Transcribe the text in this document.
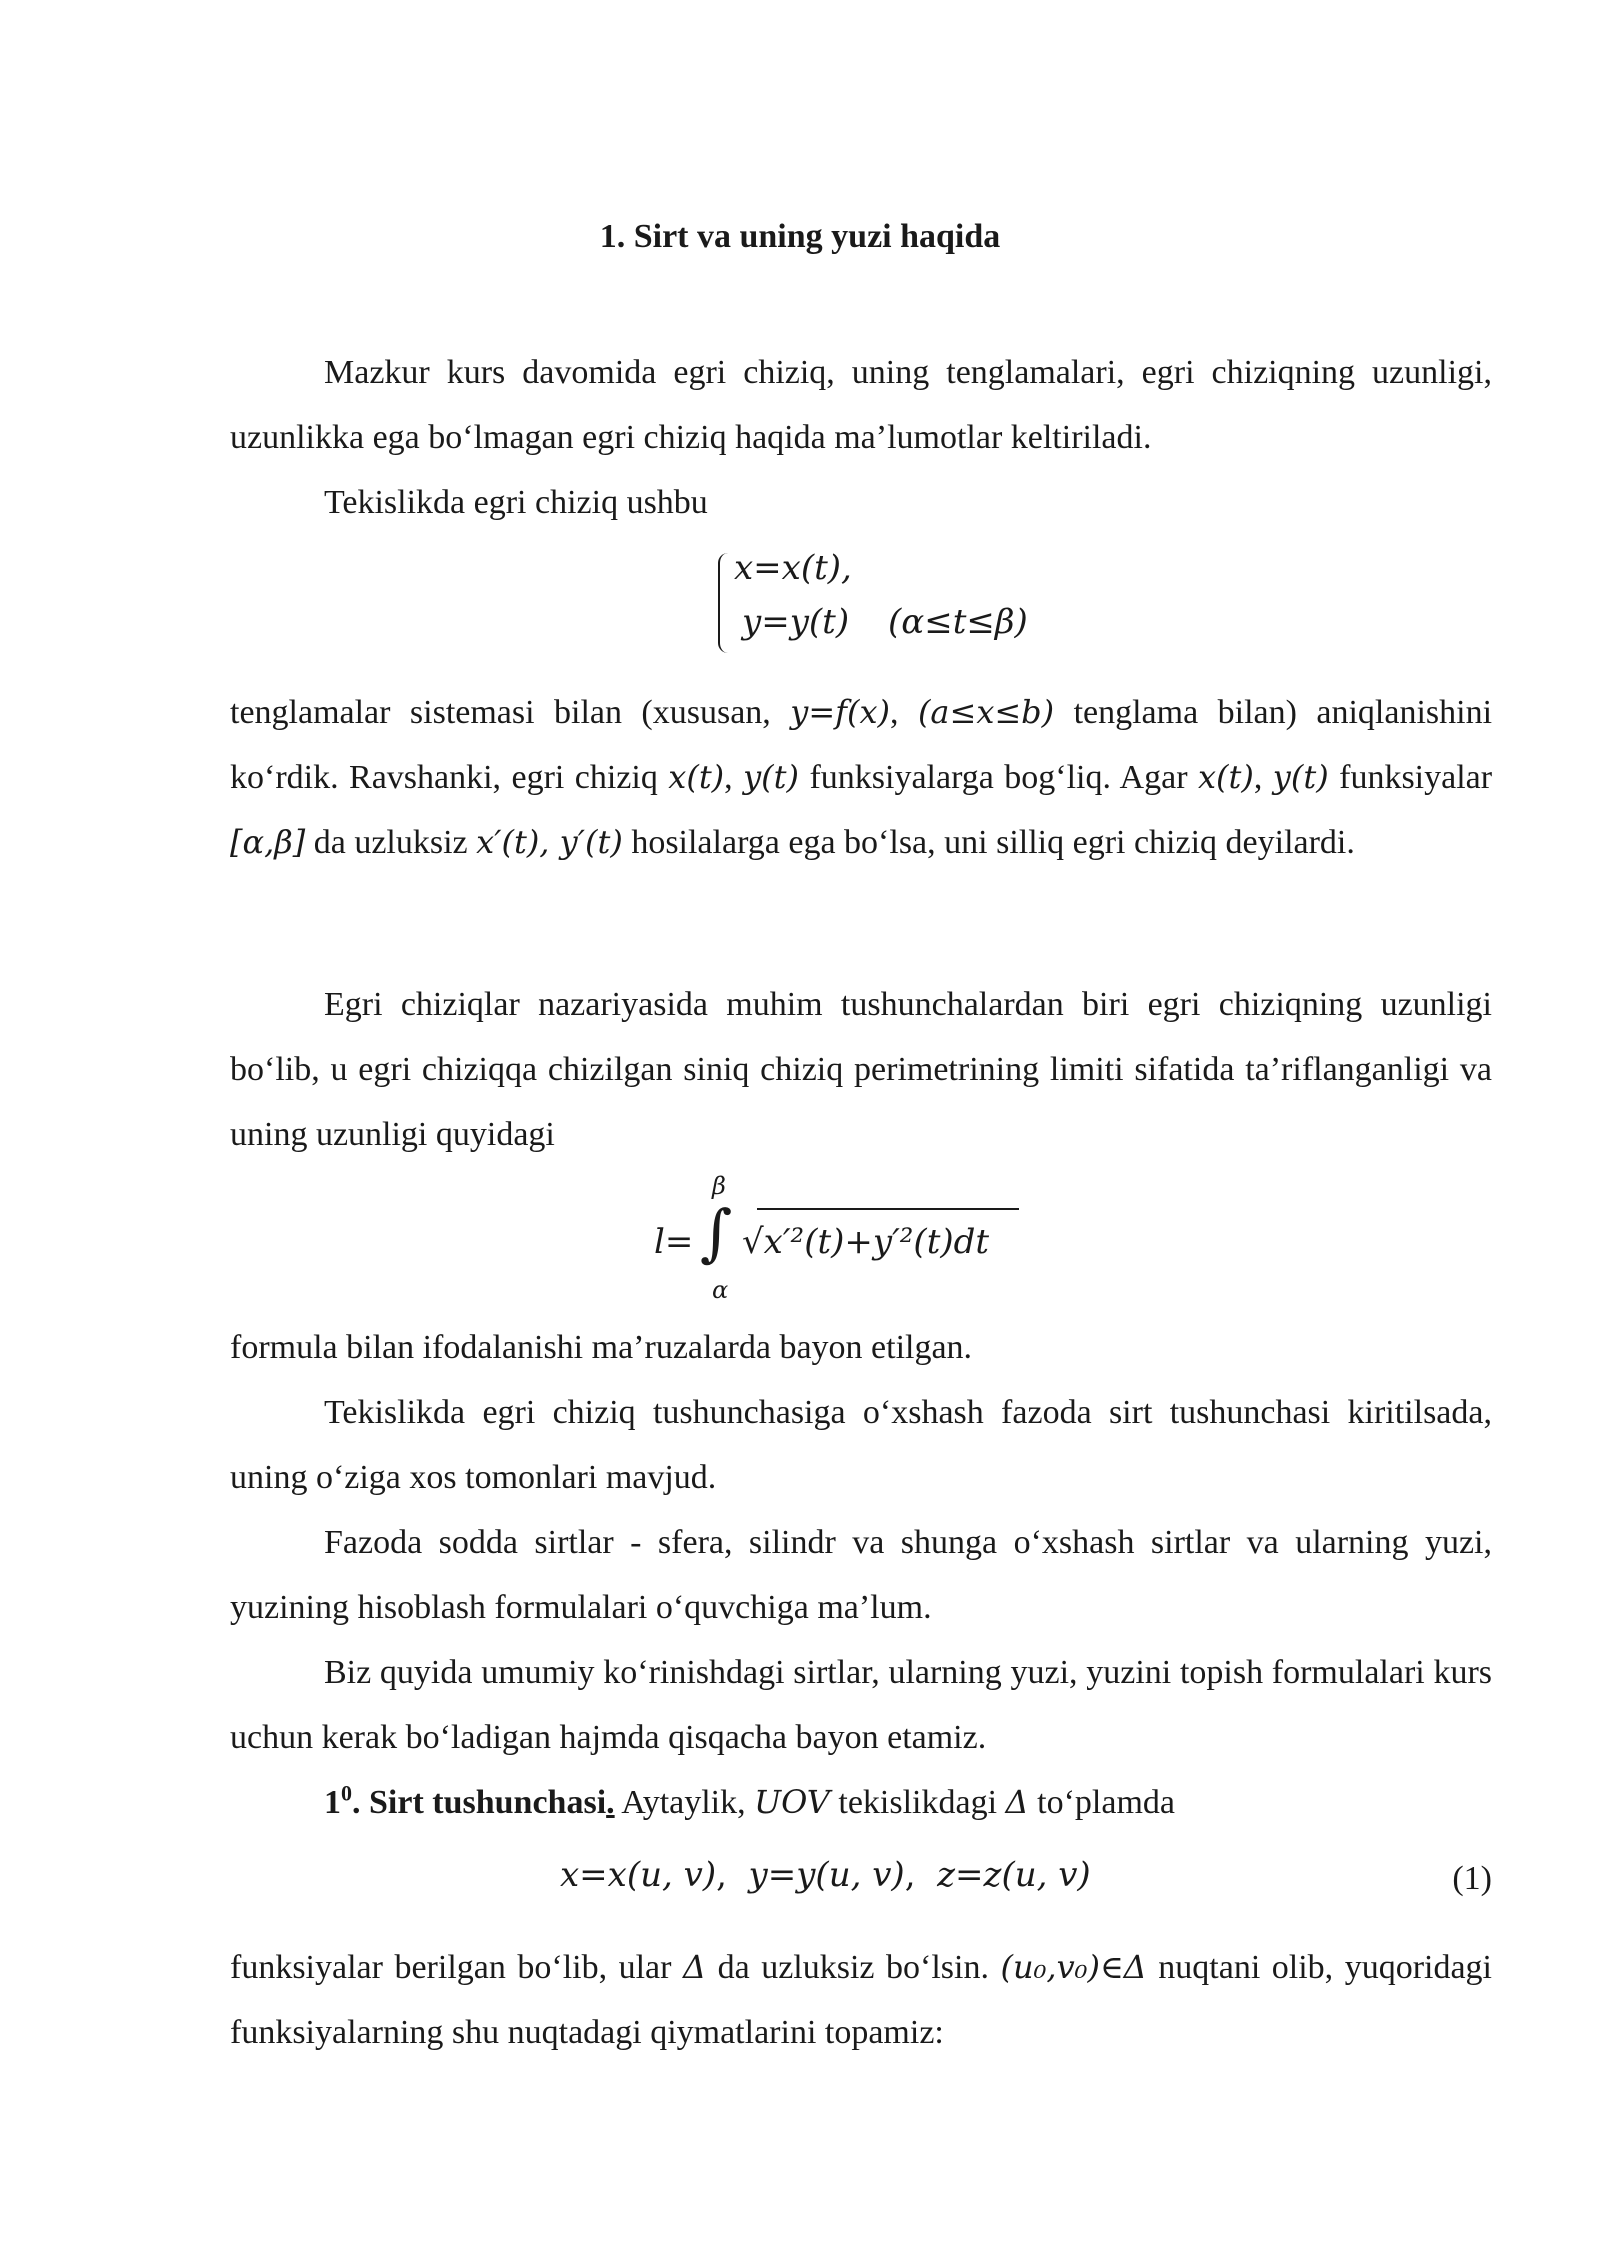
1. Sirt va uning yuzi haqida
Mazkur kurs davomida egri chiziq, uning tenglamalari, egri chiziqning uzunligi, uzunlikka ega bo‘lmagan egri chiziq haqida ma’lumotlar keltiriladi.
Tekislikda egri chiziq ushbu
x=x(t),
y=y(t) (α≤t≤β)
tenglamalar sistemasi bilan (xususan, y=f(x), (a≤x≤b) tenglama bilan) aniqlanishini ko‘rdik. Ravshanki, egri chiziq x(t), y(t) funksiyalarga bog‘liq. Agar x(t), y(t) funksiyalar [α,β] da uzluksiz x′(t), y′(t) hosilalarga ega bo‘lsa, uni silliq egri chiziq deyilardi.
Egri chiziqlar nazariyasida muhim tushunchalardan biri egri chiziqning uzunligi bo‘lib, u egri chiziqqa chizilgan siniq chiziq perimetrining limiti sifatida ta’riflanganligi va uning uzunligi quyidagi
β
l= ∫
α
√x′²(t)+y′²(t)dt
formula bilan ifodalanishi ma’ruzalarda bayon etilgan.
Tekislikda egri chiziq tushunchasiga o‘xshash fazoda sirt tushunchasi kiritilsada, uning o‘ziga xos tomonlari mavjud.
Fazoda sodda sirtlar - sfera, silindr va shunga o‘xshash sirtlar va ularning yuzi, yuzining hisoblash formulalari o‘quvchiga ma’lum.
Biz quyida umumiy ko‘rinishdagi sirtlar, ularning yuzi, yuzini topish formulalari kurs uchun kerak bo‘ladigan hajmda qisqacha bayon etamiz.
$1^0$. Sirt tushunchasi. Aytaylik, UOV tekislikdagi Δ to‘plamda
x=x(u, v), y=y(u, v), z=z(u, v)	(1)
funksiyalar berilgan bo‘lib, ular Δ da uzluksiz bo‘lsin. (u₀,v₀)∈Δ nuqtani olib, yuqoridagi funksiyalarning shu nuqtadagi qiymatlarini topamiz:
